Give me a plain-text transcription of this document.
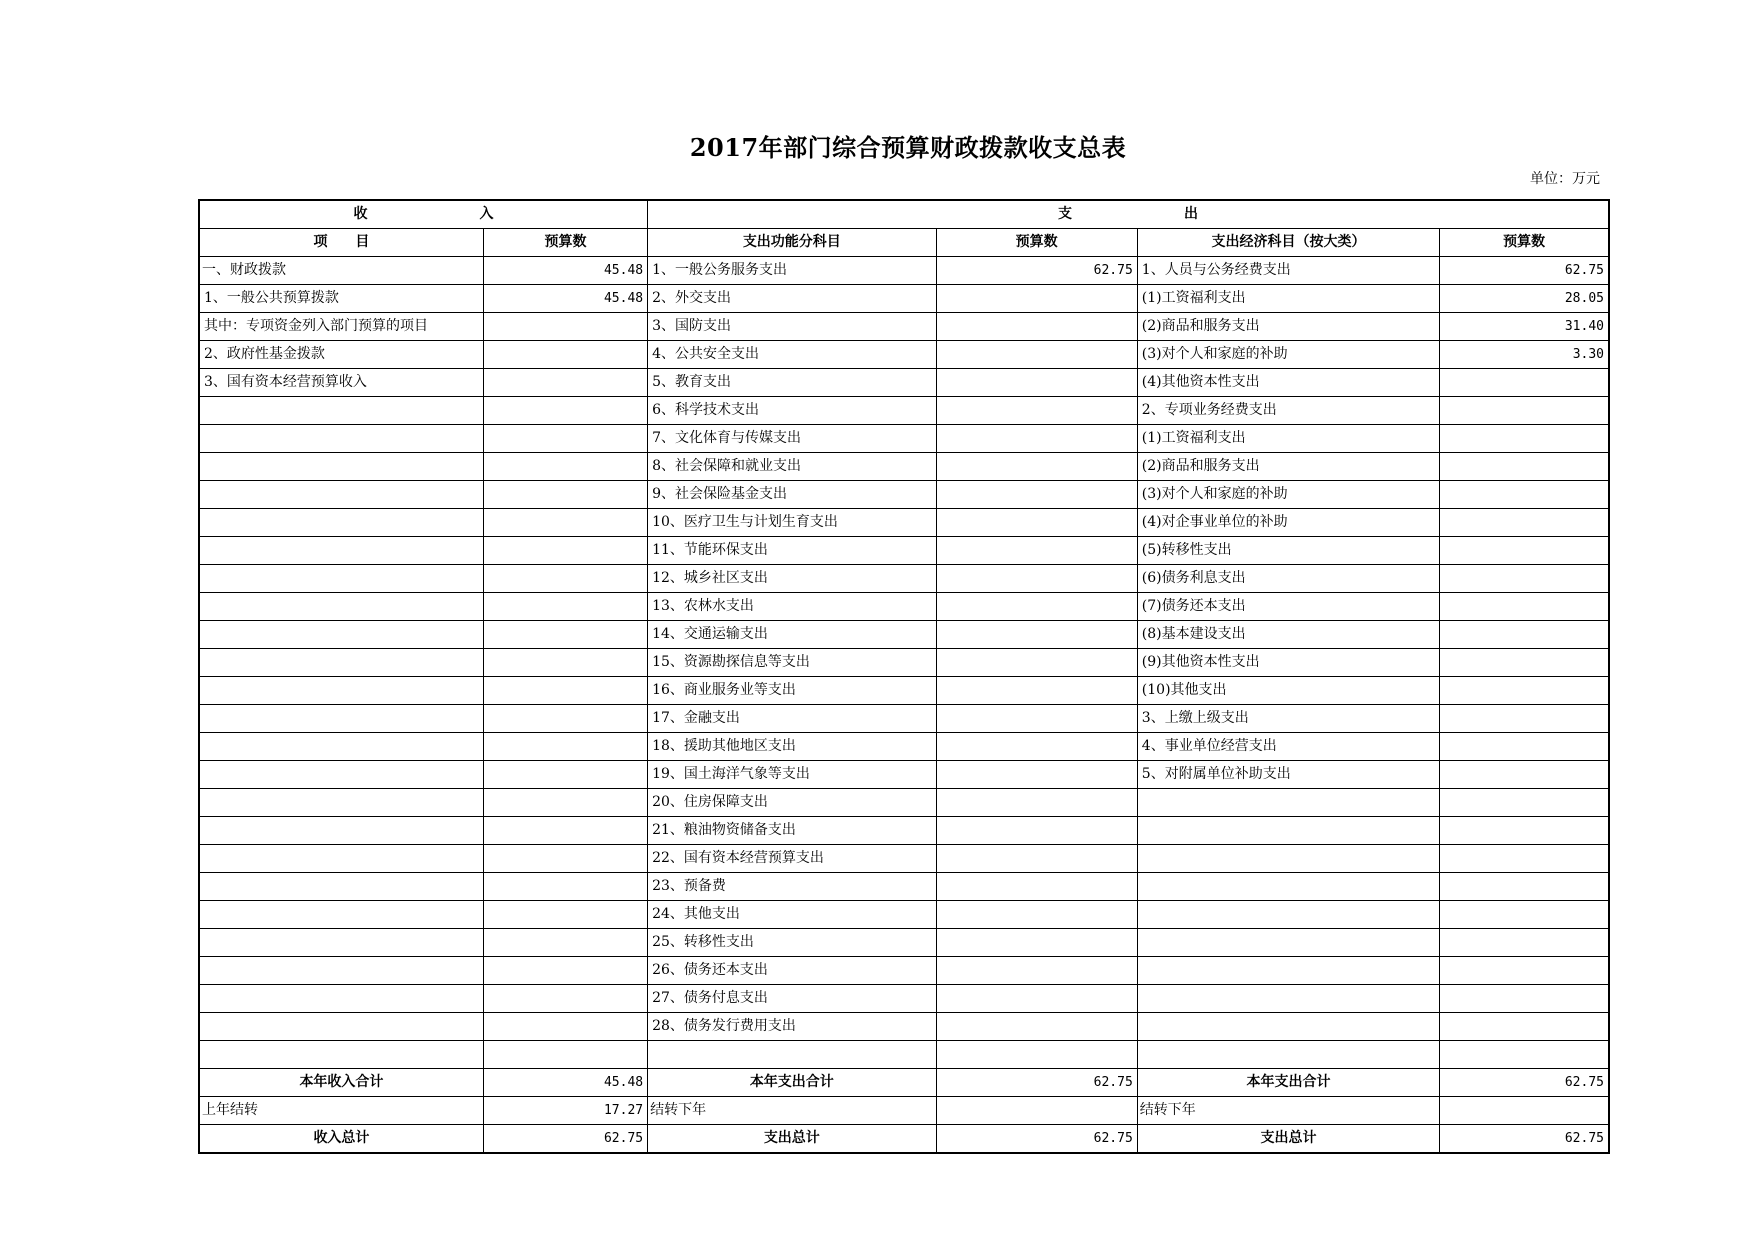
2017年部门综合预算财政拨款收支总表
单位：万元
收　　　　　　　　入		支　　　　　　　　出			
项　　目	预算数	支出功能分科目	预算数	支出经济科目（按大类）	预算数
一、财政拨款	45.48	1、一般公务服务支出	62.75	1、人员与公务经费支出	62.75
1、一般公共预算拨款	45.48	2、外交支出		(1)工资福利支出	28.05
其中：专项资金列入部门预算的项目		3、国防支出		(2)商品和服务支出	31.40
2、政府性基金拨款		4、公共安全支出		(3)对个人和家庭的补助	3.30
3、国有资本经营预算收入		5、教育支出		(4)其他资本性支出	
		6、科学技术支出		2、专项业务经费支出	
		7、文化体育与传媒支出		(1)工资福利支出	
		8、社会保障和就业支出		(2)商品和服务支出	
		9、社会保险基金支出		(3)对个人和家庭的补助	
		10、医疗卫生与计划生育支出		(4)对企事业单位的补助	
		11、节能环保支出		(5)转移性支出	
		12、城乡社区支出		(6)债务利息支出	
		13、农林水支出		(7)债务还本支出	
		14、交通运输支出		(8)基本建设支出	
		15、资源勘探信息等支出		(9)其他资本性支出	
		16、商业服务业等支出		(10)其他支出	
		17、金融支出		3、上缴上级支出	
		18、援助其他地区支出		4、事业单位经营支出	
		19、国土海洋气象等支出		5、对附属单位补助支出	
		20、住房保障支出			
		21、粮油物资储备支出			
		22、国有资本经营预算支出			
		23、预备费			
		24、其他支出			
		25、转移性支出			
		26、债务还本支出			
		27、债务付息支出			
		28、债务发行费用支出			

本年收入合计	45.48	本年支出合计	62.75	本年支出合计	62.75
上年结转	17.27	结转下年		结转下年	
收入总计	62.75	支出总计	62.75	支出总计	62.75
